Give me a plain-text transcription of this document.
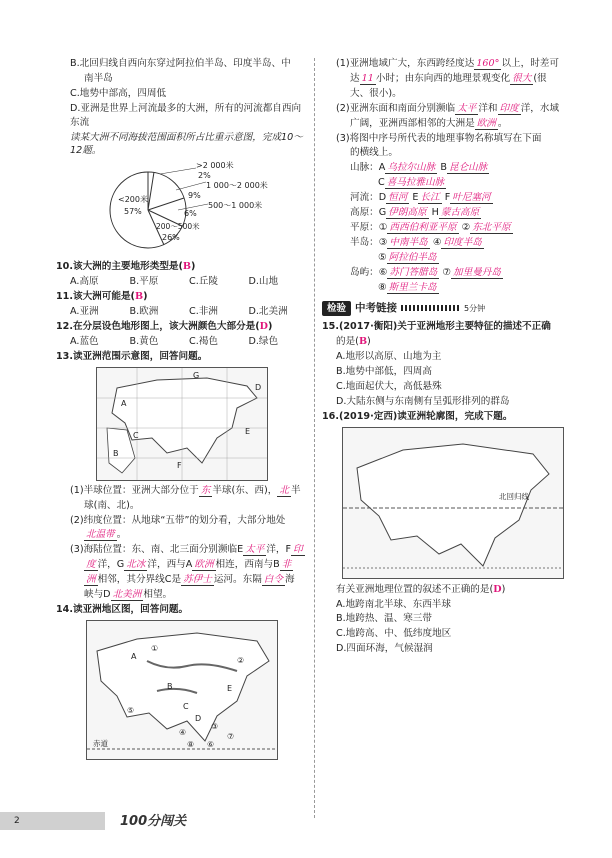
B.北回归线自西向东穿过阿拉伯半岛、印度半岛、中

南半岛

C.地势中部高，四周低

D.亚洲是世界上河流最多的大洲，所有的河流都自西向东流

读某大洲不同海拔范围面积所占比重示意图，完成10～12题。

<200米
57%
200～500米
26%
>2 000米
2%
1 000～2 000米
9%
500～1 000米
6%

10.该大洲的主要地形类型是(B)

A.高原	B.平原	C.丘陵	D.山地

11.该大洲可能是(B)

A.亚洲	B.欧洲	C.非洲	D.北美洲

12.在分层设色地形图上，该大洲颜色大部分是(D)

A.蓝色	B.黄色	C.褐色	D.绿色

13.读亚洲范围示意图，回答问题。

A
B
C
D
E
F
G

(1)半球位置：亚洲大部分位于 东 半球(东、西)， 北 半

球(南、北)。

(2)纬度位置：从地球“五带”的划分看，大部分地处

北温带 。

(3)海陆位置：东、南、北三面分别濒临E 太平 洋，F 印

度 洋，G 北冰 洋，西与A 欧洲 相连，西南与B 非

洲 相邻，其分界线C是 苏伊士 运河。东隔 白令 海

峡与D 北美洲 相望。

14.读亚洲地区图，回答问题。

A
B
C
D
E
①
②
③
④
⑤
⑥
⑦
⑧
赤道

(1)亚洲地域广大，东西跨经度达 160° 以上，时差可

达 11 小时；由东向西的地理景观变化 很大 (很

大、很小)。

(2)亚洲东面和南面分别濒临 太平 洋和 印度 洋，水域

广阔，亚洲西部相邻的大洲是 欧洲 。

(3)将图中序号所代表的地理事物名称填写在下面

的横线上。

山脉：A 乌拉尔山脉 B 昆仑山脉

C 喜马拉雅山脉

河流：D 恒河 E 长江 F 叶尼塞河

高原：G 伊朗高原 H 蒙古高原

平原：① 西西伯利亚平原 ② 东北平原

半岛：③ 中南半岛 ④ 印度半岛

⑤ 阿拉伯半岛

岛屿：⑥ 苏门答腊岛 ⑦ 加里曼丹岛

⑧ 斯里兰卡岛

检验 中考链接	5分钟

15.(2017·衡阳)关于亚洲地形主要特征的描述不正确

的是(B)

A.地形以高原、山地为主

B.地势中部低，四周高

C.地面起伏大，高低悬殊

D.大陆东侧与东南侧有呈弧形排列的群岛

16.(2019·定西)读亚洲轮廓图，完成下题。

北回归线

有关亚洲地理位置的叙述不正确的是(D)

A.地跨南北半球、东西半球

B.地跨热、温、寒三带

C.地跨高、中、低纬度地区

D.四面环海，气候湿润

2	100分闯关
